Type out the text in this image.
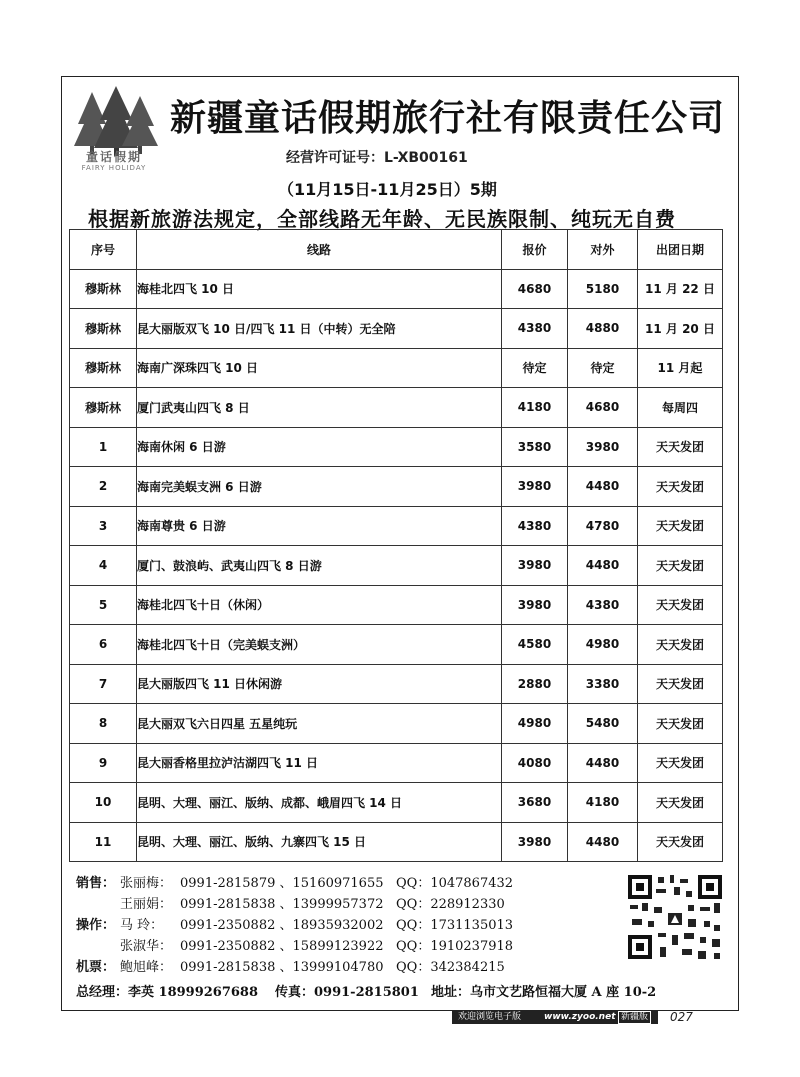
童话假期
FAIRY HOLIDAY
新疆童话假期旅行社有限责任公司
经营许可证号：L-XB00161
（11月15日-11月25日）5期
根据新旅游法规定，全部线路无年龄、无民族限制、纯玩无自费
序号	线路	报价	对外	出团日期
穆斯林	海桂北四飞 10 日	4680	5180	11 月 22 日
穆斯林	昆大丽版双飞 10 日/四飞 11 日（中转）无全陪	4380	4880	11 月 20 日
穆斯林	海南广深珠四飞 10 日	待定	待定	11 月起
穆斯林	厦门武夷山四飞 8 日	4180	4680	每周四
1	海南休闲 6 日游	3580	3980	天天发团
2	海南完美蜈支洲 6 日游	3980	4480	天天发团
3	海南尊贵 6 日游	4380	4780	天天发团
4	厦门、鼓浪屿、武夷山四飞 8 日游	3980	4480	天天发团
5	海桂北四飞十日（休闲）	3980	4380	天天发团
6	海桂北四飞十日（完美蜈支洲）	4580	4980	天天发团
7	昆大丽版四飞 11 日休闲游	2880	3380	天天发团
8	昆大丽双飞六日四星 五星纯玩	4980	5480	天天发团
9	昆大丽香格里拉泸沽湖四飞 11 日	4080	4480	天天发团
10	昆明、大理、丽江、版纳、成都、峨眉四飞 14 日	3680	4180	天天发团
11	昆明、大理、丽江、版纳、九寨四飞 15 日	3980	4480	天天发团
销售： 张丽梅： 0991-2815879 、15160971655 QQ：1047867432
王丽娟： 0991-2815838 、13999957372 QQ：228912330
操作： 马 玲： 0991-2350882 、18935932002 QQ：1731135013
张淑华： 0991-2350882 、15899123922 QQ：1910237918
机票： 鲍旭峰： 0991-2815838 、13999104780 QQ：342384215
总经理：李英 18999267688 传真：0991-2815801 地址：乌市文艺路恒福大厦 A 座 10-2
欢迎浏览电子版	www.zyoo.net 新疆版 027
